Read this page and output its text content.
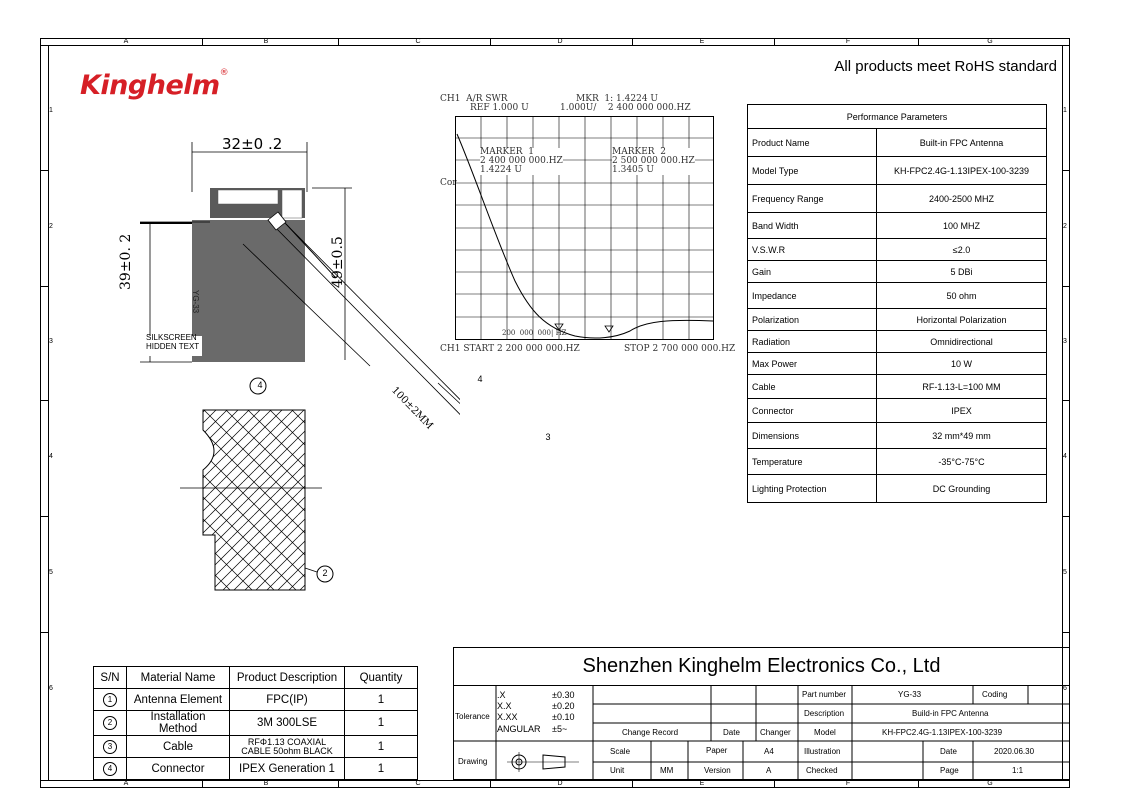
A
A
B
B
C
C
D
D
E
E
F
F
G
G
1	1
2	2
3	3
4	4
5	5
6	6
Kinghelm®	All products meet RoHS standard
32±0 .2
39±0. 2	49±0.5
100±2MM
SILKSCREEN
HIDDEN TEXT
YG-33
4
4
3
2
CH1  A/R SWR
REF 1.000 U
MKR  1: 1.4224 U
1.000U/    2 400 000 000.HZ
Cor
MARKER  1
2 400 000 000.HZ
1.4224 U
MARKER  2
2 500 000 000.HZ
1.3405 U
200  000  000| HZ
CH1 START 2 200 000 000.HZ	STOP 2 700 000 000.HZ
Performance Parameters	
Product Name	Built-in FPC Antenna
Model Type	KH-FPC2.4G-1.13IPEX-100-3239
Frequency Range	2400-2500 MHZ
Band Width	100 MHZ
V.S.W.R	≤2.0
Gain	5 DBi
Impedance	50 ohm
Polarization	Horizontal Polarization
Radiation	Omnidirectional
Max Power	10 W
Cable	RF-1.13-L=100 MM
Connector	IPEX
Dimensions	32 mm*49 mm
Temperature	-35°C-75°C
Lighting Protection	DC Grounding
S/N	Material Name	Product Description	Quantity
1	Antenna Element	FPC(IP)	1
2	Installation Method	3M 300LSE	1
3	Cable	RFΦ1.13 COAXIAL
CABLE 50ohm BLACK	1
4	Connector	IPEX Generation 1	1
Shenzhen Kinghelm Electronics Co., Ltd
Tolerance
.X	±0.30
X.X	±0.20
X.XX	±0.10
ANGULAR ±5~
Drawing
Change Record	Date	Changer
Scale	Paper	A4
Unit	MM	Version	A
Part number	YG-33	Coding
Description	Build-in FPC Antenna
Model	KH-FPC2.4G-1.13IPEX-100-3239
Illustration	Date	2020.06.30
Checked	Page	1:1
